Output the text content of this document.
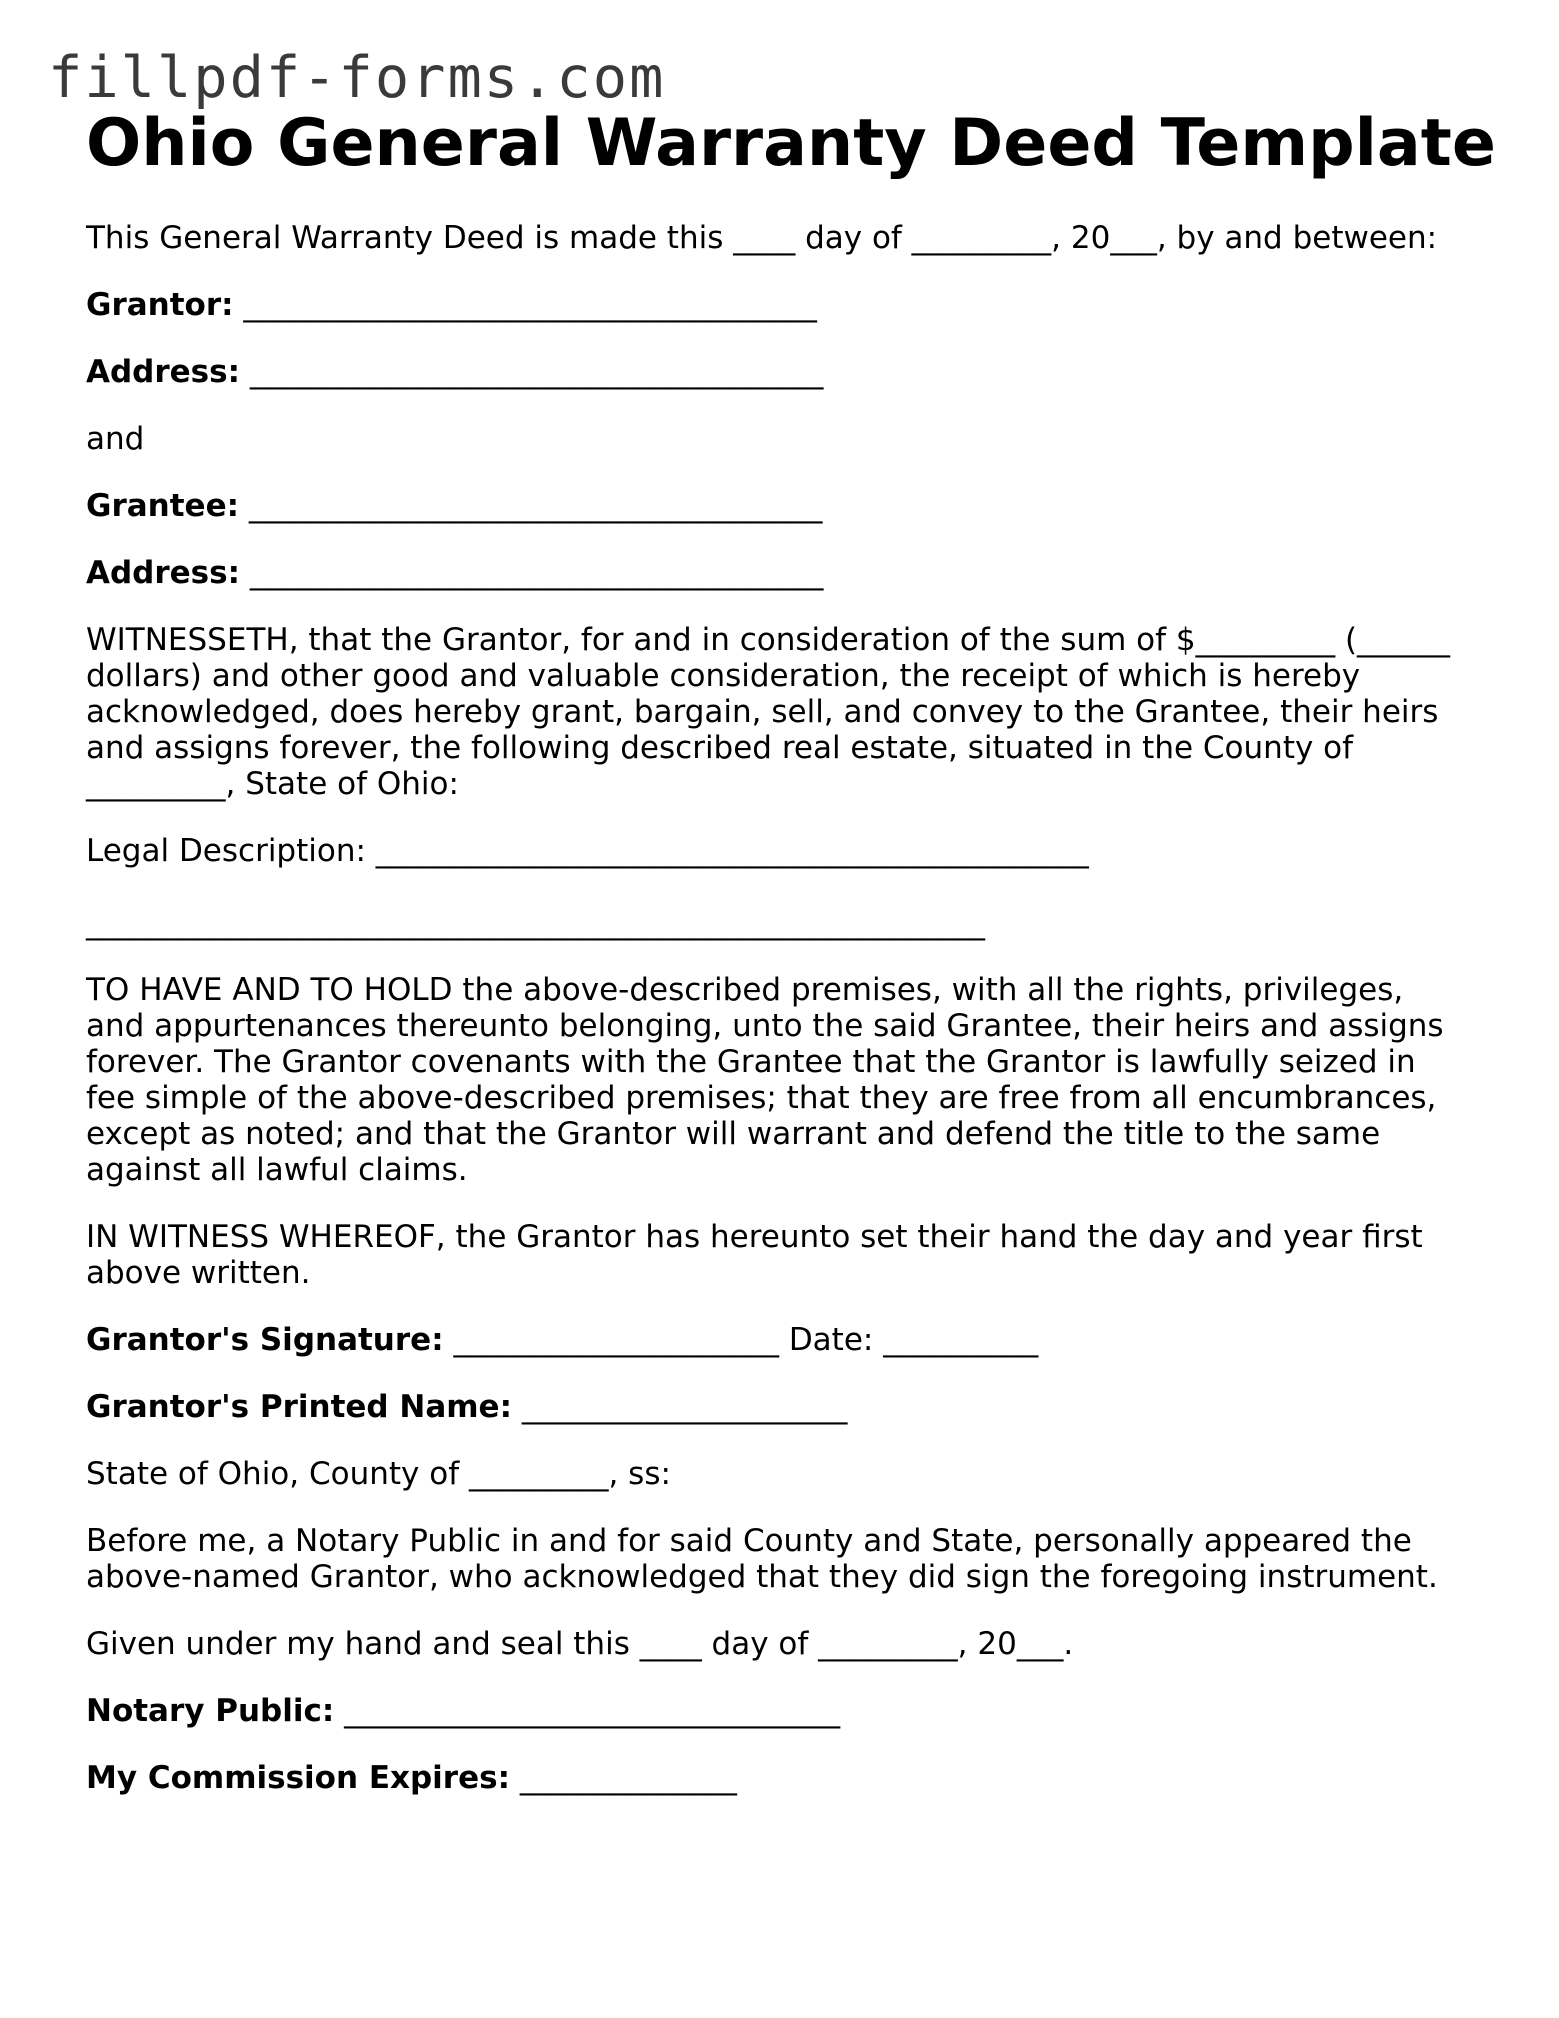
fillpdf-forms.com
Ohio General Warranty Deed Template

This General Warranty Deed is made this ____ day of _________, 20___, by and between:

Grantor: _____________________________________

Address: _____________________________________

and

Grantee: _____________________________________

Address: _____________________________________

WITNESSETH, that the Grantor, for and in consideration of the sum of $_________ (______ dollars) and other good and valuable consideration, the receipt of which is hereby acknowledged, does hereby grant, bargain, sell, and convey to the Grantee, their heirs and assigns forever, the following described real estate, situated in the County of _________, State of Ohio:

Legal Description: ______________________________________________

__________________________________________________________

TO HAVE AND TO HOLD the above-described premises, with all the rights, privileges, and appurtenances thereunto belonging, unto the said Grantee, their heirs and assigns forever. The Grantor covenants with the Grantee that the Grantor is lawfully seized in fee simple of the above-described premises; that they are free from all encumbrances, except as noted; and that the Grantor will warrant and defend the title to the same against all lawful claims.

IN WITNESS WHEREOF, the Grantor has hereunto set their hand the day and year first above written.

Grantor's Signature: _____________________ Date: __________

Grantor's Printed Name: _____________________

State of Ohio, County of _________, ss:

Before me, a Notary Public in and for said County and State, personally appeared the above-named Grantor, who acknowledged that they did sign the foregoing instrument.

Given under my hand and seal this ____ day of _________, 20___.

Notary Public: ________________________________

My Commission Expires: ______________
